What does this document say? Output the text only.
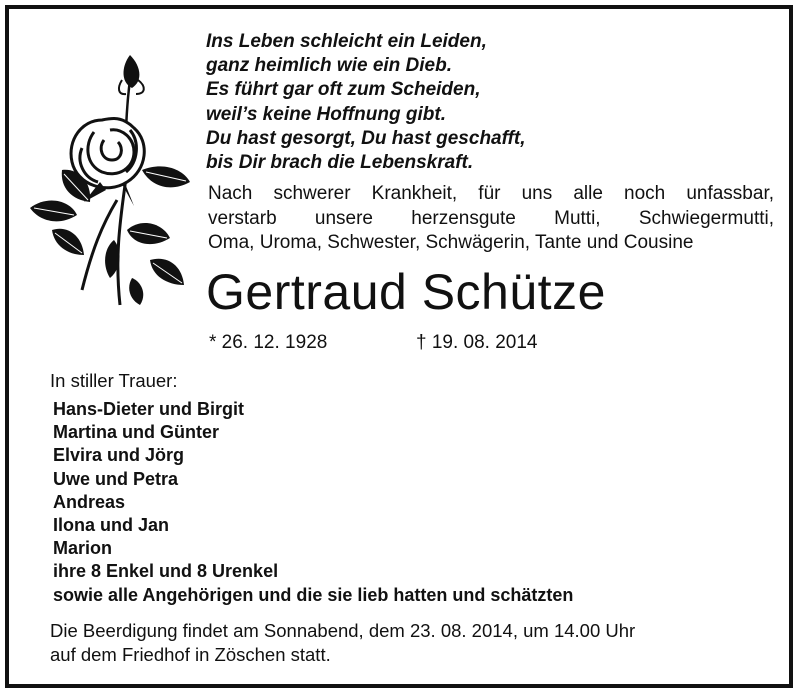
Ins Leben schleicht ein Leiden,
ganz heimlich wie ein Dieb.
Es führt gar oft zum Scheiden,
weil’s keine Hoffnung gibt.
Du hast gesorgt, Du hast geschafft,
bis Dir brach die Lebenskraft.
Nach schwerer Krankheit, für uns alle noch unfassbar,
verstarb unsere herzensgute Mutti, Schwiegermutti,
Oma, Uroma, Schwester, Schwägerin, Tante und Cousine
Gertraud Schütze
* 26. 12. 1928	† 19. 08. 2014
In stiller Trauer:
Hans-Dieter und Birgit
Martina und Günter
Elvira und Jörg
Uwe und Petra
Andreas
Ilona und Jan
Marion
ihre 8 Enkel und 8 Urenkel
sowie alle Angehörigen und die sie lieb hatten und schätzten
Die Beerdigung findet am Sonnabend, dem 23. 08. 2014, um 14.00 Uhr
auf dem Friedhof in Zöschen statt.
